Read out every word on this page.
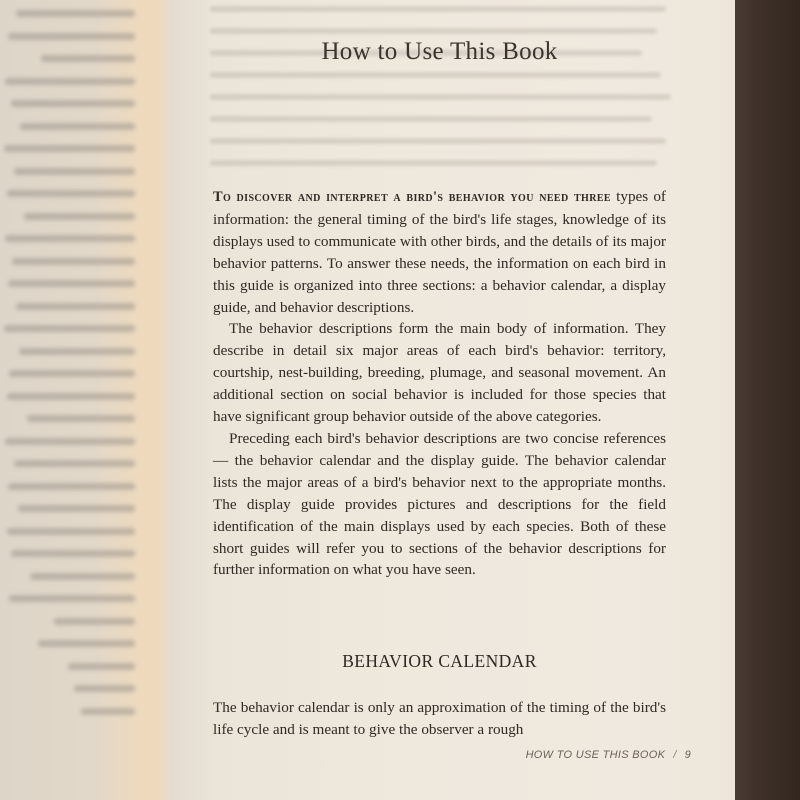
How to Use This Book

To discover and interpret a bird's behavior you need three types of information: the general timing of the bird's life stages, knowledge of its displays used to communicate with other birds, and the details of its major behavior patterns. To answer these needs, the information on each bird in this guide is organized into three sections: a behavior calendar, a display guide, and behavior descriptions.

The behavior descriptions form the main body of information. They describe in detail six major areas of each bird's behavior: territory, courtship, nest-building, breeding, plumage, and seasonal movement. An additional section on social behavior is included for those species that have significant group behavior outside of the above categories.

Preceding each bird's behavior descriptions are two concise references — the behavior calendar and the display guide. The behavior calendar lists the major areas of a bird's behavior next to the appropriate months. The display guide provides pictures and descriptions for the field identification of the main displays used by each species. Both of these short guides will refer you to sections of the behavior descriptions for further information on what you have seen.

BEHAVIOR CALENDAR

The behavior calendar is only an approximation of the timing of the bird's life cycle and is meant to give the observer a rough

HOW TO USE THIS BOOK / 9
